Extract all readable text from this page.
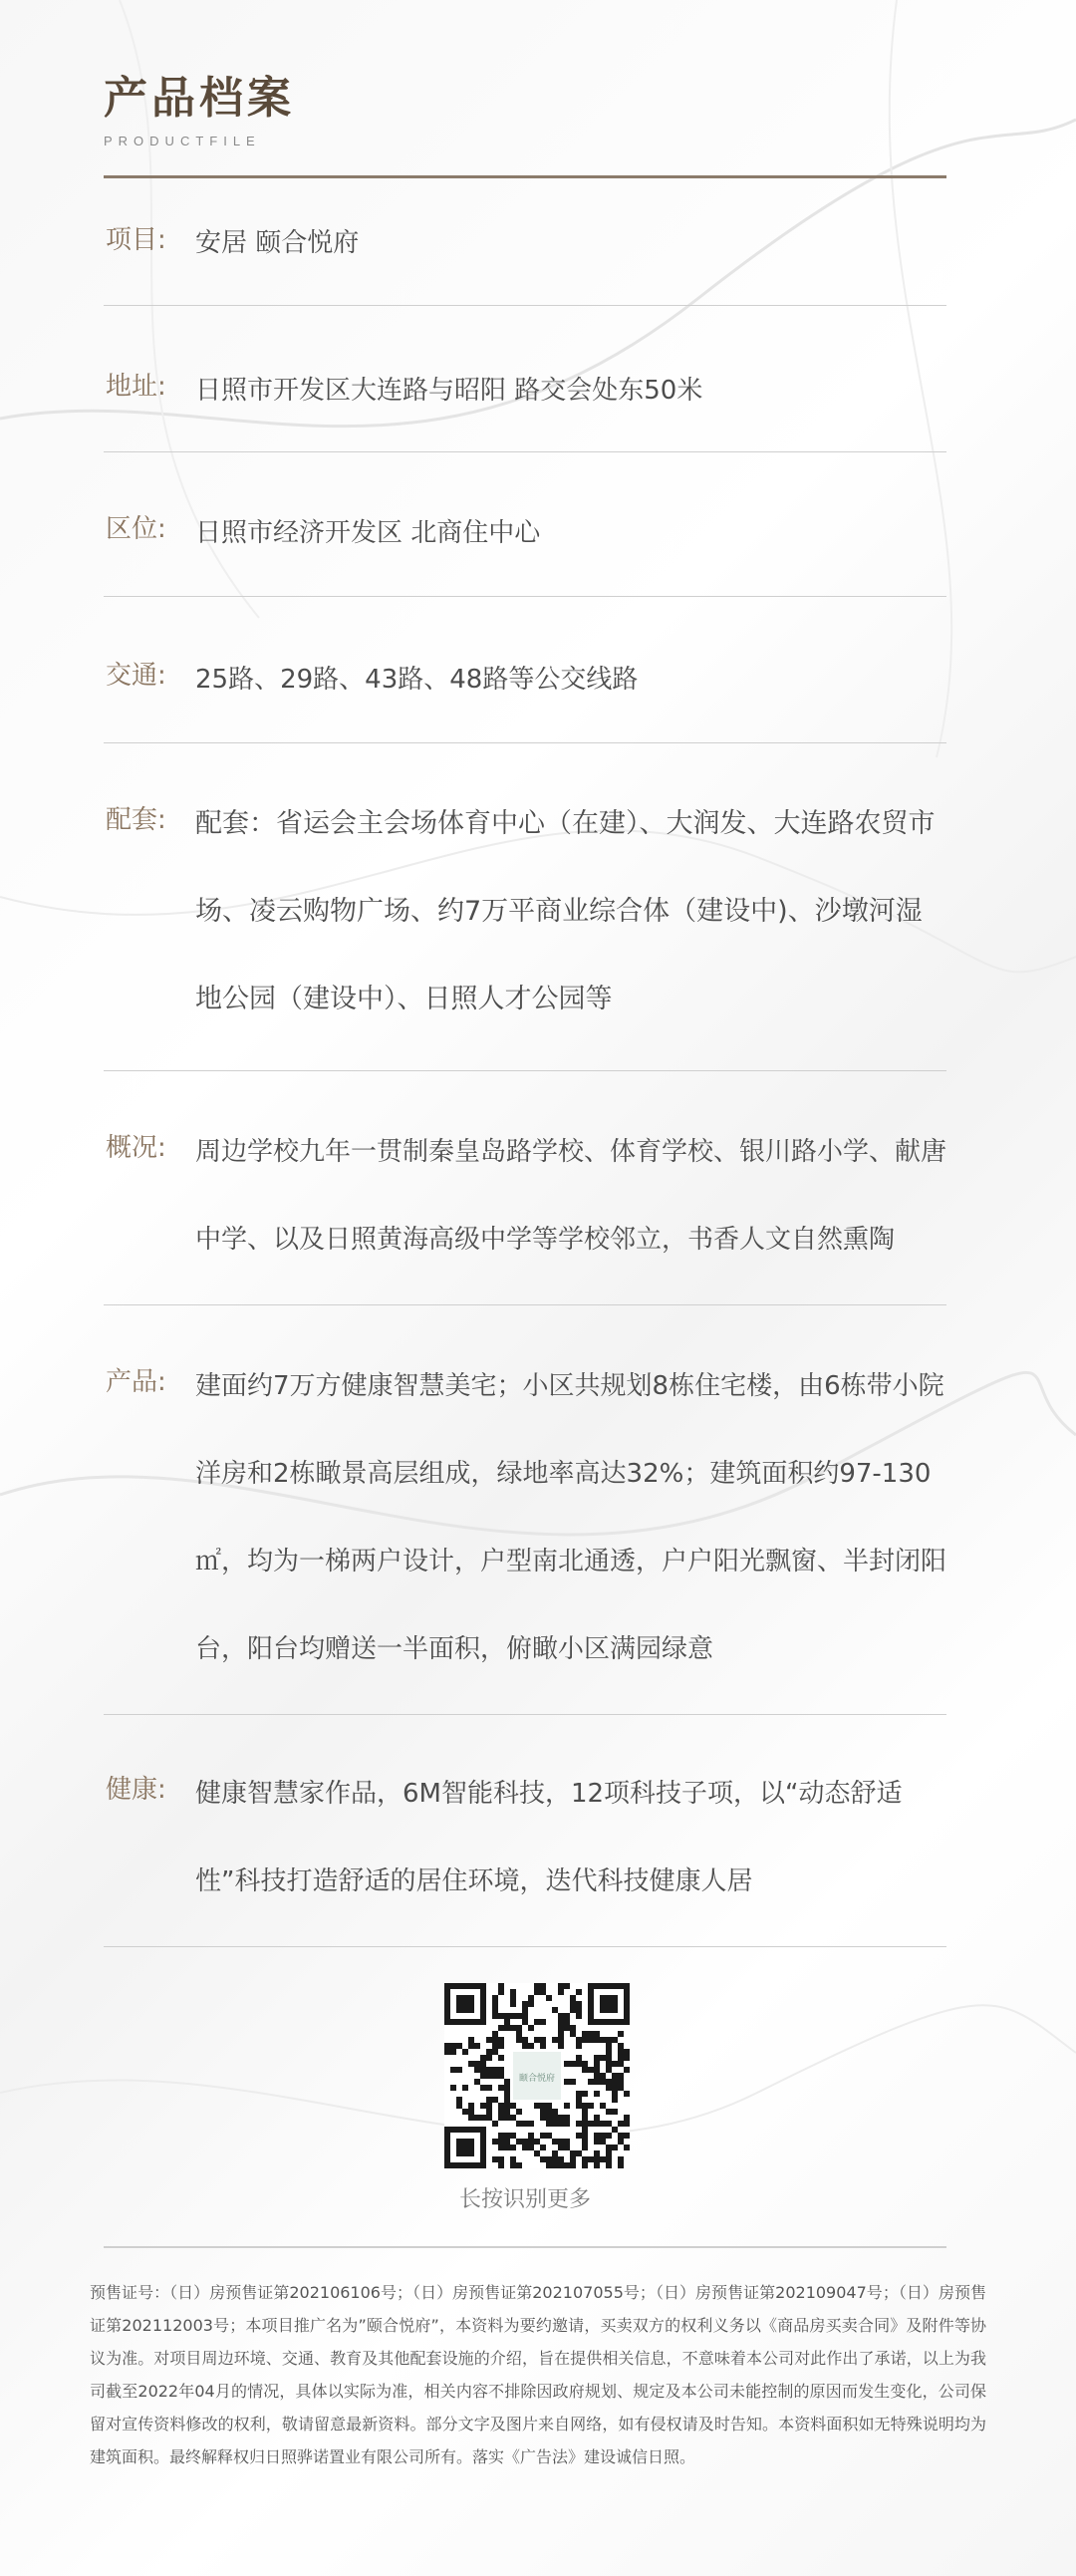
产品档案
PRODUCTFILE
项目: 安居 颐合悦府
地址: 日照市开发区大连路与昭阳 路交会处东50米
区位: 日照市经济开发区 北商住中心
交通: 25路、29路、43路、48路等公交线路
配套: 配套：省运会主会场体育中心（在建）、大润发、大连路农贸市场、凌云购物广场、约7万平商业综合体（建设中)、沙墩河湿地公园（建设中）、日照人才公园等
概况: 周边学校九年一贯制秦皇岛路学校、体育学校、银川路小学、献唐中学、以及日照黄海高级中学等学校邻立，书香人文自然熏陶
产品: 建面约7万方健康智慧美宅；小区共规划8栋住宅楼，由6栋带小院洋房和2栋瞰景高层组成，绿地率高达32%；建筑面积约97-130㎡，均为一梯两户设计，户型南北通透，户户阳光飘窗、半封闭阳台，阳台均赠送一半面积，俯瞰小区满园绿意
健康: 健康智慧家作品，6M智能科技，12项科技子项，以“动态舒适性”科技打造舒适的居住环境，迭代科技健康人居
颐合悦府
长按识别更多
预售证号：（日）房预售证第202106106号；（日）房预售证第202107055号；（日）房预售证第202109047号；（日）房预售证第202112003号；本项目推广名为”颐合悦府”，本资料为要约邀请，买卖双方的权利义务以《商品房买卖合同》及附件等协议为准。对项目周边环境、交通、教育及其他配套设施的介绍，旨在提供相关信息，不意味着本公司对此作出了承诺，以上为我司截至2022年04月的情况，具体以实际为准，相关内容不排除因政府规划、规定及本公司未能控制的原因而发生变化，公司保留对宣传资料修改的权利，敬请留意最新资料。部分文字及图片来自网络，如有侵权请及时告知。本资料面积如无特殊说明均为建筑面积。最终解释权归日照骅诺置业有限公司所有。落实《广告法》建设诚信日照。
